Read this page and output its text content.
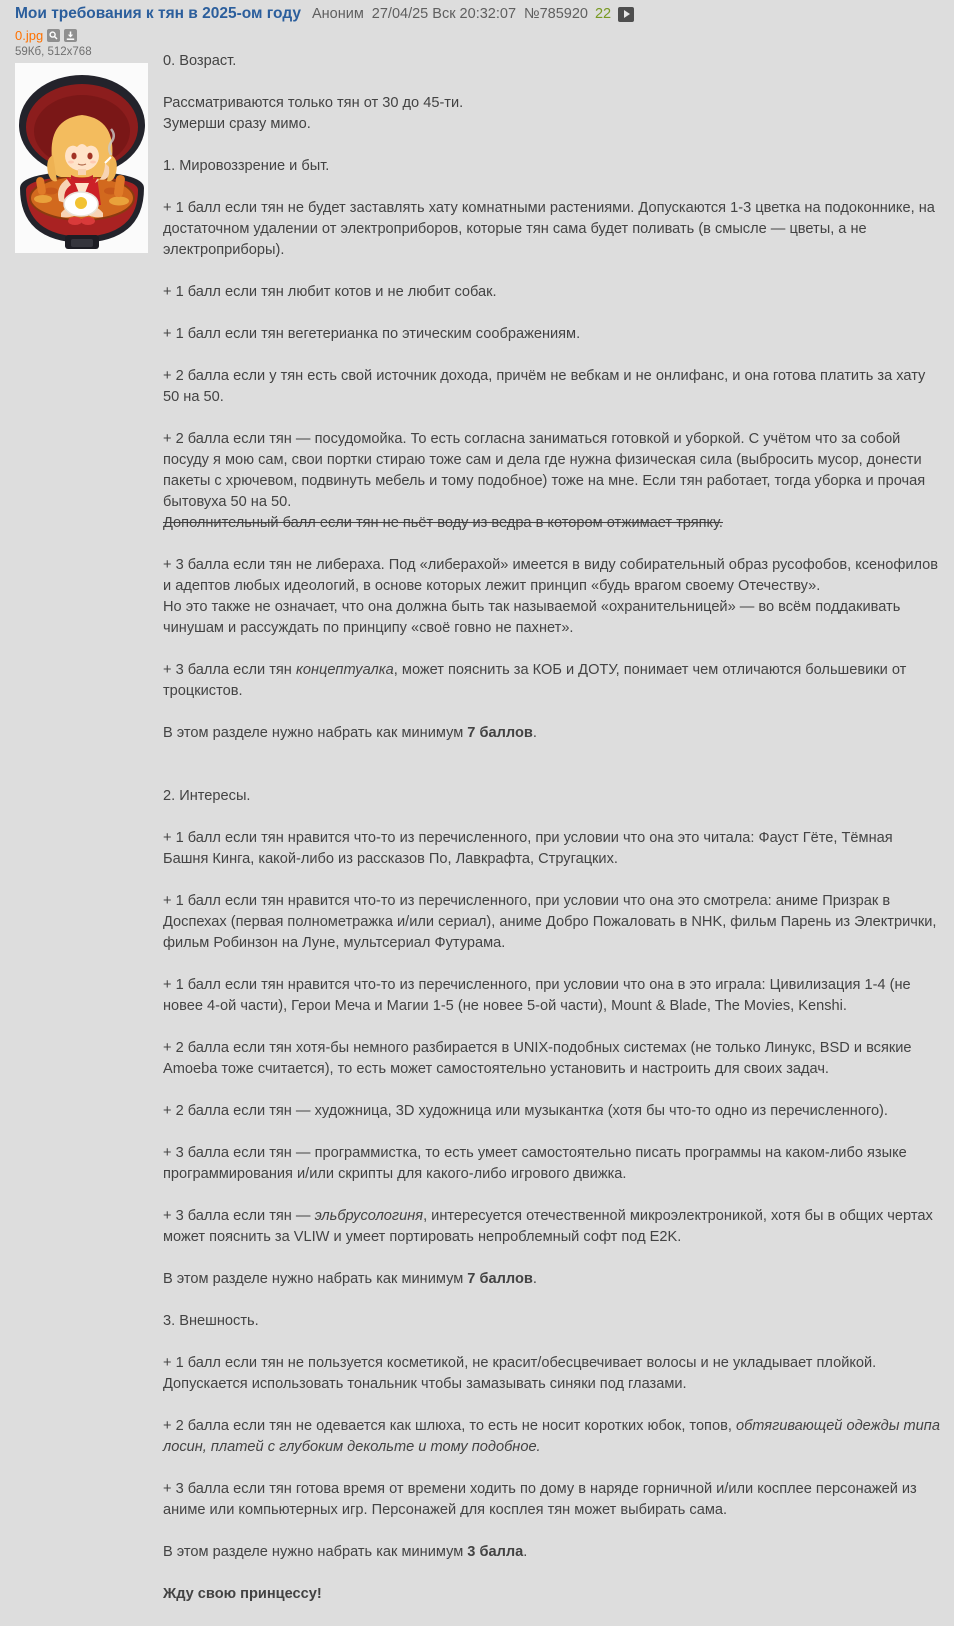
Мои требования к тян в 2025-ом году Аноним 27/04/25 Вск 20:32:07 №785920 22
0.jpg
59Кб, 512x768

0. Возраст.

Рассматриваются только тян от 30 до 45-ти.
Зумерши сразу мимо.

1. Мировоззрение и быт.

+ 1 балл если тян не будет заставлять хату комнатными растениями. Допускаются 1-3 цветка на подоконнике, на достаточном удалении от электроприборов, которые тян сама будет поливать (в смысле — цветы, а не электроприборы).

+ 1 балл если тян любит котов и не любит собак.

+ 1 балл если тян вегетерианка по этическим соображениям.

+ 2 балла если у тян есть свой источник дохода, причём не вебкам и не онлифанс, и она готова платить за хату 50 на 50.

+ 2 балла если тян — посудомойка. То есть согласна заниматься готовкой и уборкой. С учётом что за собой посуду я мою сам, свои портки стираю тоже сам и дела где нужна физическая сила (выбросить мусор, донести пакеты с хрючевом, подвинуть мебель и тому подобное) тоже на мне. Если тян работает, тогда уборка и прочая бытовуха 50 на 50.
Дополнительный балл если тян не пьёт воду из ведра в котором отжимает тряпку.

+ 3 балла если тян не либераха. Под «либерахой» имеется в виду собирательный образ русофобов, ксенофилов и адептов любых идеологий, в основе которых лежит принцип «будь врагом своему Отечеству».
Но это также не означает, что она должна быть так называемой «охранительницей» — во всём поддакивать чинушам и рассуждать по принципу «своё говно не пахнет».

+ 3 балла если тян концептуалка, может пояснить за КОБ и ДОТУ, понимает чем отличаются большевики от троцкистов.

В этом разделе нужно набрать как минимум 7 баллов.

2. Интересы.

+ 1 балл если тян нравится что-то из перечисленного, при условии что она это читала: Фауст Гёте, Тёмная Башня Кинга, какой-либо из рассказов По, Лавкрафта, Стругацких.

+ 1 балл если тян нравится что-то из перечисленного, при условии что она это смотрела: аниме Призрак в Доспехах (первая полнометражка и/или сериал), аниме Добро Пожаловать в NHK, фильм Парень из Электрички, фильм Робинзон на Луне, мультсериал Футурама.

+ 1 балл если тян нравится что-то из перечисленного, при условии что она в это играла: Цивилизация 1-4 (не новее 4-ой части), Герои Меча и Магии 1-5 (не новее 5-ой части), Mount & Blade, The Movies, Kenshi.

+ 2 балла если тян хотя-бы немного разбирается в UNIX-подобных системах (не только Линукс, BSD и всякие Amoeba тоже считается), то есть может самостоятельно установить и настроить для своих задач.

+ 2 балла если тян — художница, 3D художница или музыкантка (хотя бы что-то одно из перечисленного).

+ 3 балла если тян — программистка, то есть умеет самостоятельно писать программы на каком-либо языке программирования и/или скрипты для какого-либо игрового движка.

+ 3 балла если тян — эльбрусологиня, интересуется отечественной микроэлектроникой, хотя бы в общих чертах может пояснить за VLIW и умеет портировать непроблемный софт под E2K.

В этом разделе нужно набрать как минимум 7 баллов.

3. Внешность.

+ 1 балл если тян не пользуется косметикой, не красит/обесцвечивает волосы и не укладывает плойкой. Допускается использовать тональник чтобы замазывать синяки под глазами.

+ 2 балла если тян не одевается как шлюха, то есть не носит коротких юбок, топов, обтягивающей одежды типа лосин, платей с глубоким декольте и тому подобное.

+ 3 балла если тян готова время от времени ходить по дому в наряде горничной и/или косплее персонажей из аниме или компьютерных игр. Персонажей для косплея тян может выбирать сама.

В этом разделе нужно набрать как минимум 3 балла.

Жду свою принцессу!
